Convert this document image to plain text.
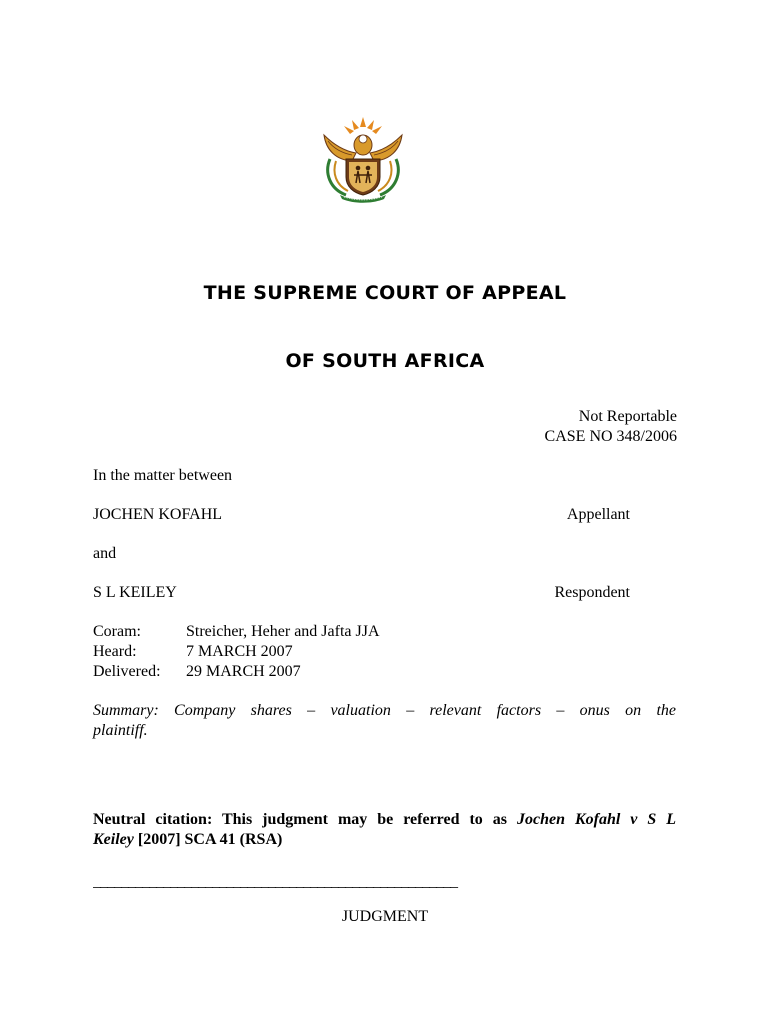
THE SUPREME COURT OF APPEAL
OF SOUTH AFRICA
Not Reportable
CASE NO 348/2006
In the matter between
JOCHEN KOFAHL	Appellant
and
S L KEILEY	Respondent
Coram:	Streicher, Heher and Jafta JJA
Heard:	7 MARCH 2007
Delivered:	29 MARCH 2007
Summary: Company shares – valuation – relevant factors – onus on the
plaintiff.
Neutral citation: This judgment may be referred to as Jochen Kofahl v S L
Keiley [2007] SCA 41 (RSA)
____________________________________________________
JUDGMENT
